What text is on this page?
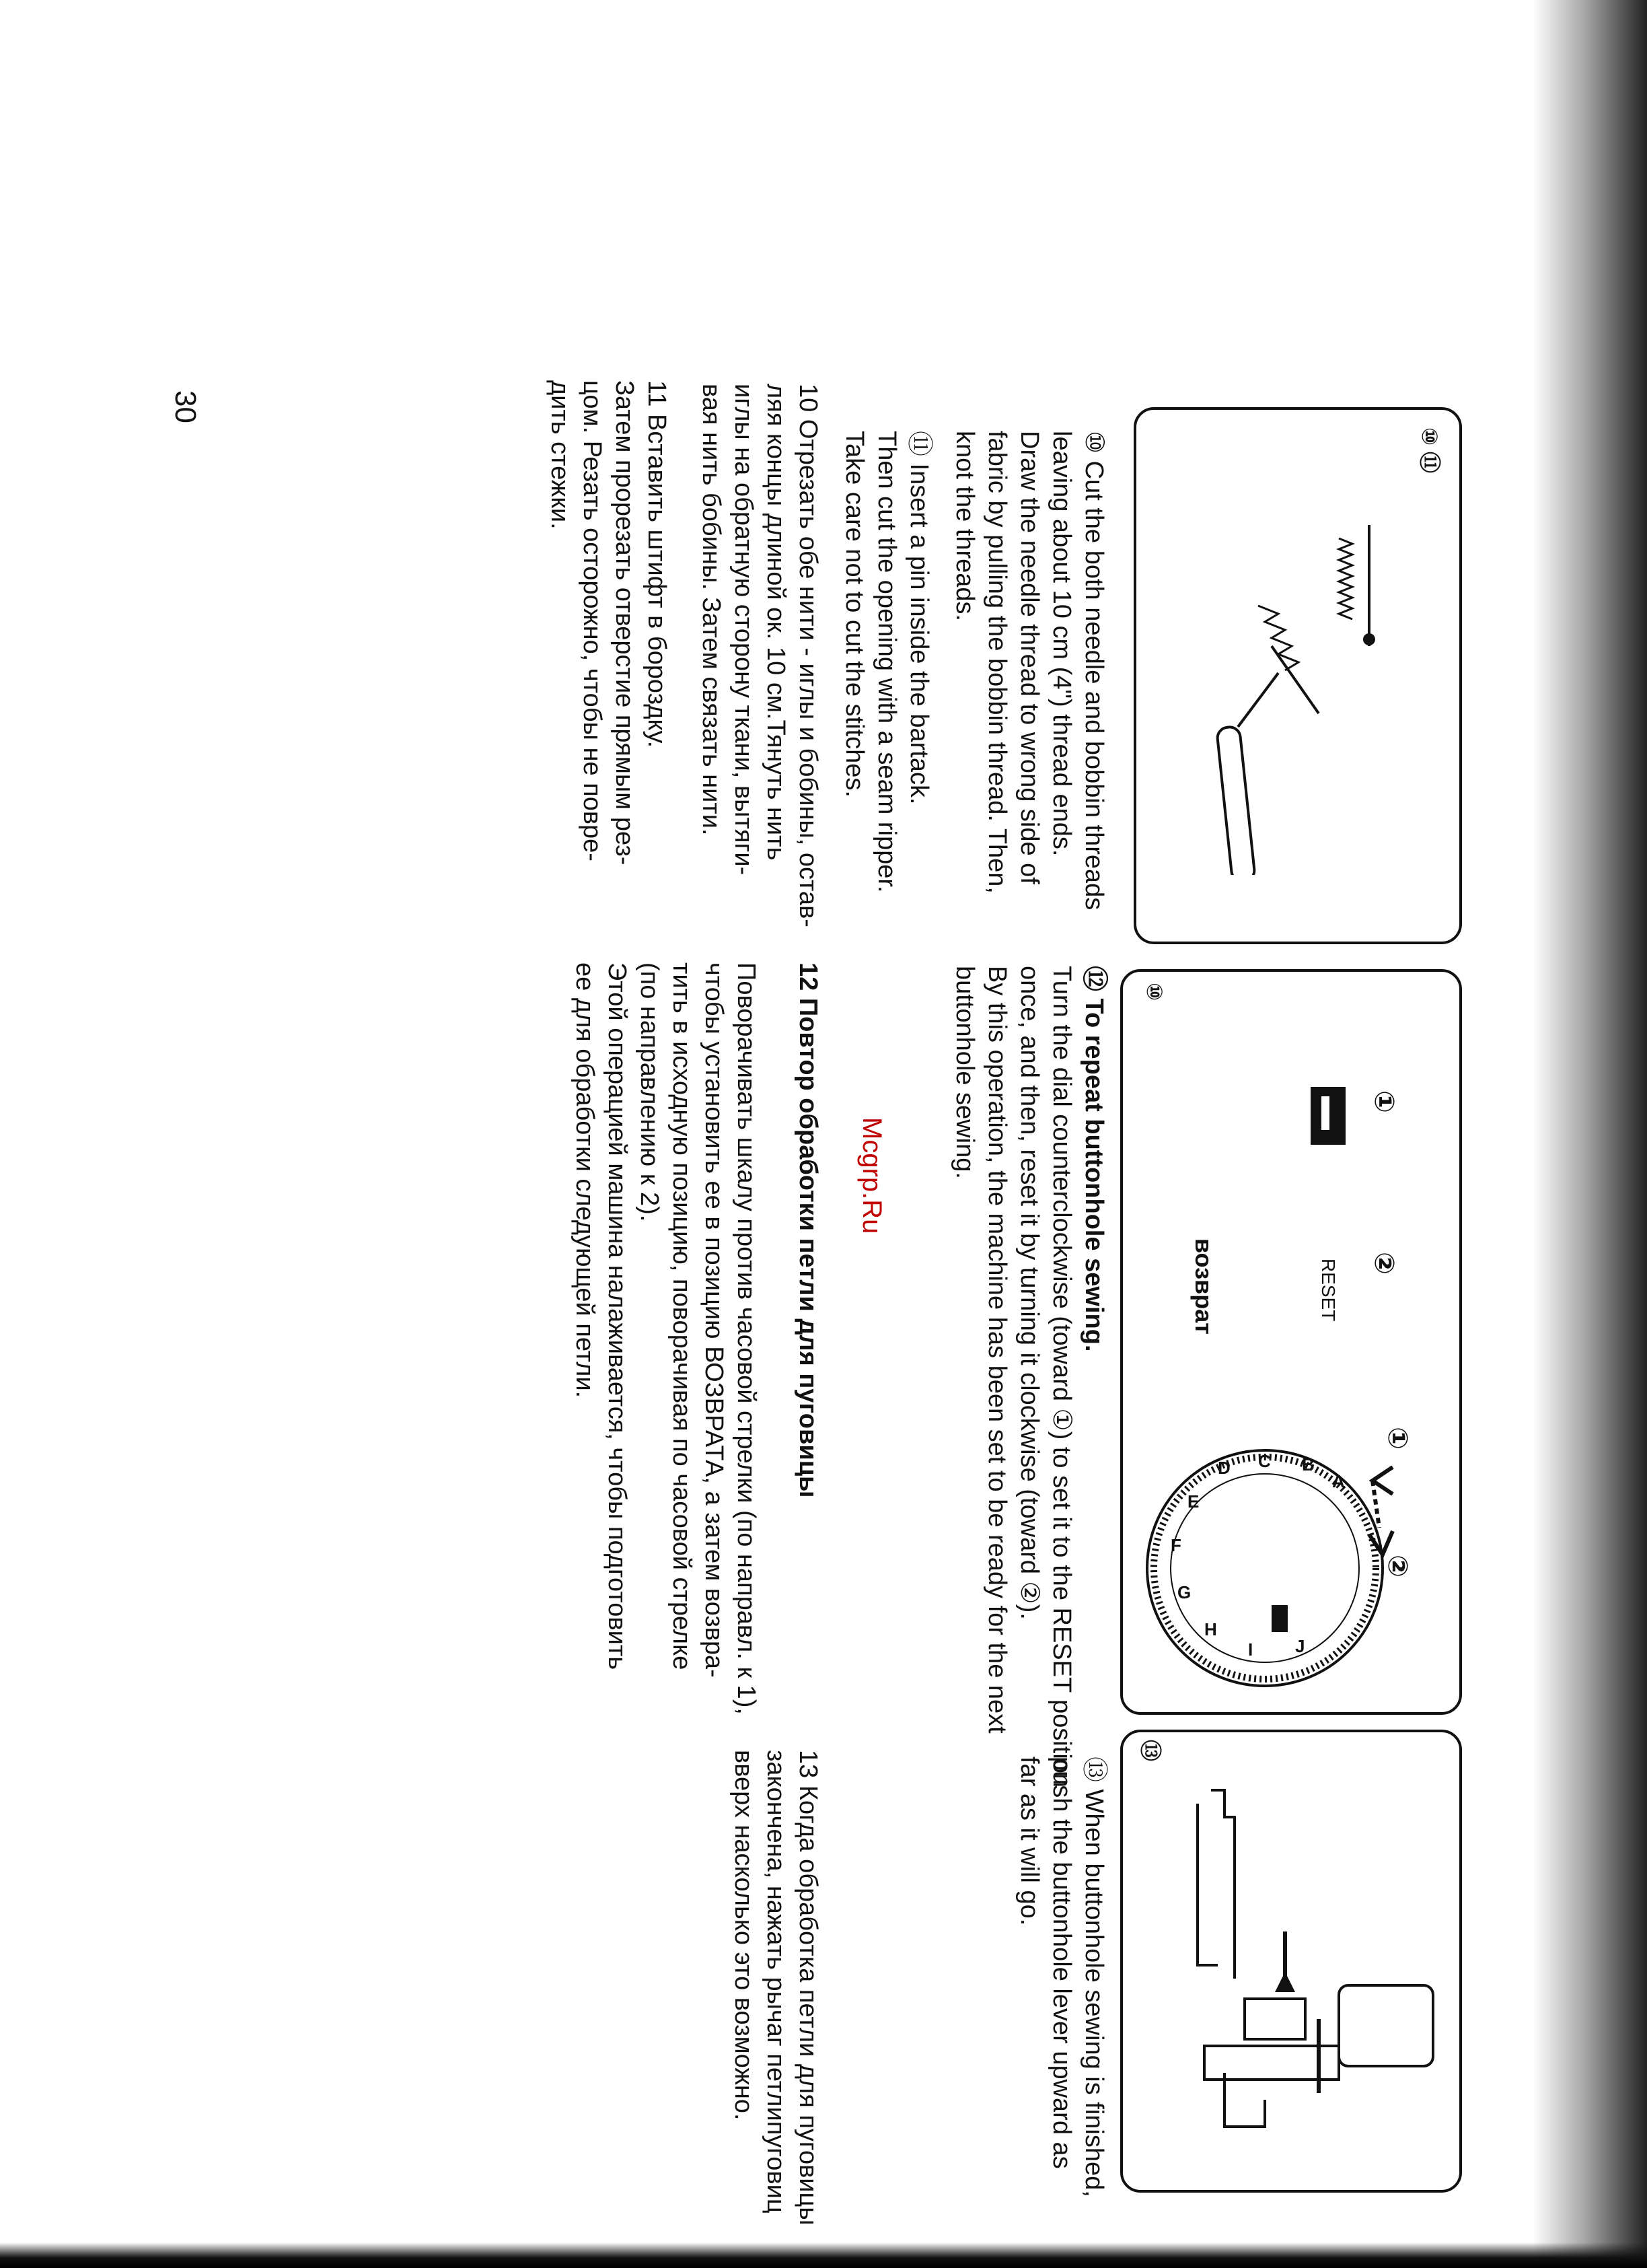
30
⑩ ⑪
⑩ Cut the both needle and bobbin threads
leaving about 10 cm (4") thread ends.
Draw the needle thread to wrong side of
fabric by pulling the bobbin thread. Then,
knot the threads.
⑪ Insert a pin inside the bartack.
Then cut the opening with a seam ripper.
Take care not to cut the stitches.
10 Отрезать обе нити - иглы и бобины, остав-
ляя концы длиной ок. 10 см.Тянуть нить
иглы на обратную сторону ткани, вытяги-
вая нить бобины. Затем связать нити.
11 Вставить штифт в бороздку.
Затем прорезать отверстие прямым рез-
цом. Резать осторожно, чтобы не повре-
дить стежки.
⑩
①
②
RESET
возврат
①
②
A
B
C
D
E
F
G
H
I J
⑫ To repeat buttonhole sewing.
Turn the dial counterclockwise (toward ①) to set it to the RESET position
once, and then, reset it by turning it clockwise (toward ②).
By this operation, the machine has been set to be ready for the next
buttonhole sewing.
12 Повтор обработки петли для пуговицы
Поворачивать шкалу против часовой стрелки (по направл. к 1),
чтобы установить ее в позицию ВОЗВРАТА, а затем возвра-
тить в исходную позицию, поворачивая по часовой стрелке
(по направлению к 2).
Этой операцией машина налаживается, чтобы подготовить
ее для обработки следующей петли.	Mcgrp.Ru
⑬
⑬ When buttonhole sewing is finished,
push the buttonhole lever upward as
far as it will go.
13 Когда обработка петли для пуговицы
закончена, нажать рычаг петлипуговиц
вверх насколько это возможно.
